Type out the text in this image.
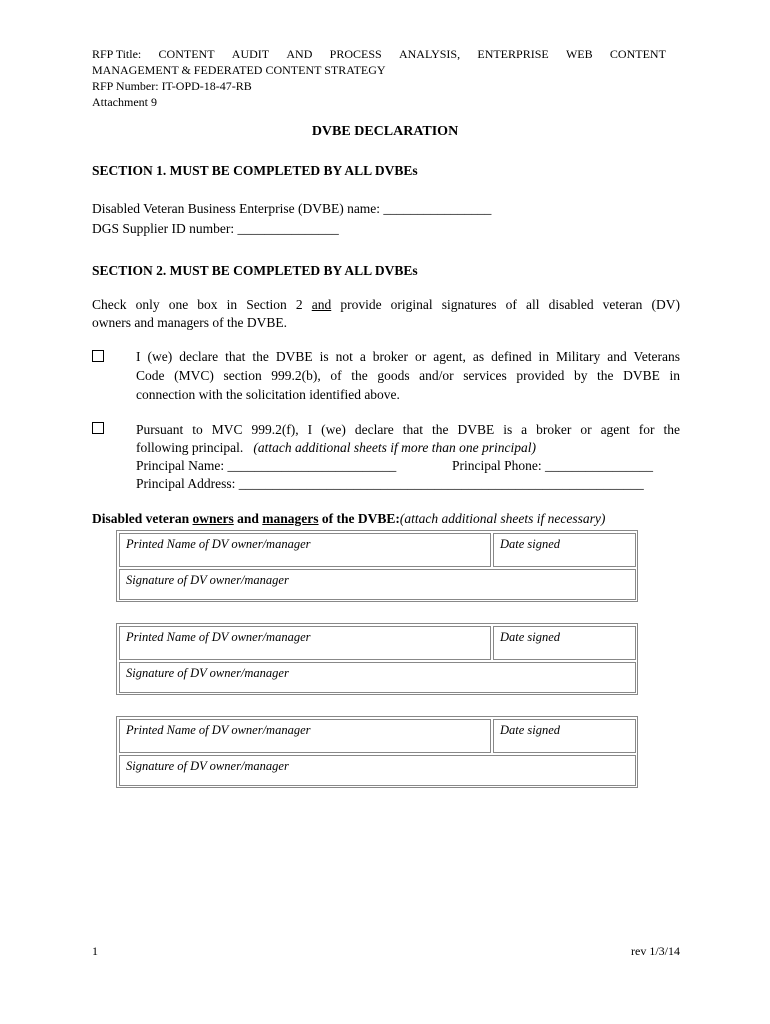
RFP Title: CONTENT AUDIT AND PROCESS ANALYSIS, ENTERPRISE WEB CONTENT
MANAGEMENT & FEDERATED CONTENT STRATEGY
RFP Number: IT-OPD-18-47-RB
Attachment 9
DVBE DECLARATION
SECTION 1. MUST BE COMPLETED BY ALL DVBEs
Disabled Veteran Business Enterprise (DVBE) name: ________________
DGS Supplier ID number: _______________
SECTION 2. MUST BE COMPLETED BY ALL DVBEs
Check only one box in Section 2 and provide original signatures of all disabled veteran (DV)
owners and managers of the DVBE.
I (we) declare that the DVBE is not a broker or agent, as defined in Military and Veterans
Code (MVC) section 999.2(b), of the goods and/or services provided by the DVBE in
connection with the solicitation identified above.
Pursuant to MVC 999.2(f), I (we) declare that the DVBE is a broker or agent for the
following principal. (attach additional sheets if more than one principal)
Principal Name: _________________________	Principal Phone: ________________
Principal Address: ____________________________________________________________
Disabled veteran owners and managers of the DVBE:(attach additional sheets if necessary)
Printed Name of DV owner/manager	Date signed
Signature of DV owner/manager
Printed Name of DV owner/manager	Date signed
Signature of DV owner/manager
Printed Name of DV owner/manager	Date signed
Signature of DV owner/manager
1	rev 1/3/14
